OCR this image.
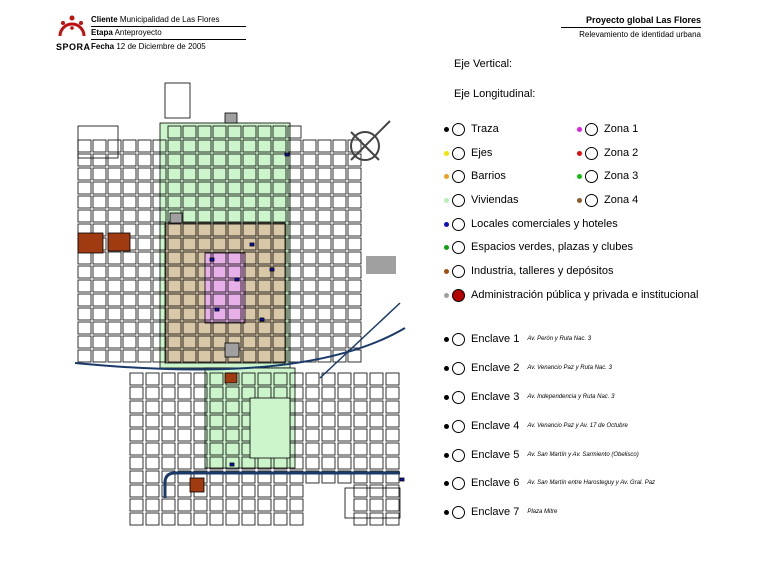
SPORA
Cliente Municipalidad de Las Flores
Etapa Anteproyecto
Fecha 12 de Diciembre de 2005
Proyecto global Las Flores
Relevamiento de identidad urbana
Eje Vertical:
Eje Longitudinal:
Traza
Ejes
Barrios
Viviendas
Locales comerciales y hoteles
Espacios verdes, plazas y clubes
Industria, talleres y depósitos
Administración pública y privada e institucional
Zona 1
Zona 2
Zona 3
Zona 4
Enclave 1 Av. Perón y Ruta Nac. 3
Enclave 2 Av. Venancio Paz y Ruta Nac. 3
Enclave 3 Av. Independencia y Ruta Nac. 3
Enclave 4 Av. Venancio Paz y Av. 17 de Octubre
Enclave 5 Av. San Martín y Av. Sarmiento (Obelisco)
Enclave 6 Av. San Martín entre Harosteguy y Av. Gral. Paz
Enclave 7 Plaza Mitre
